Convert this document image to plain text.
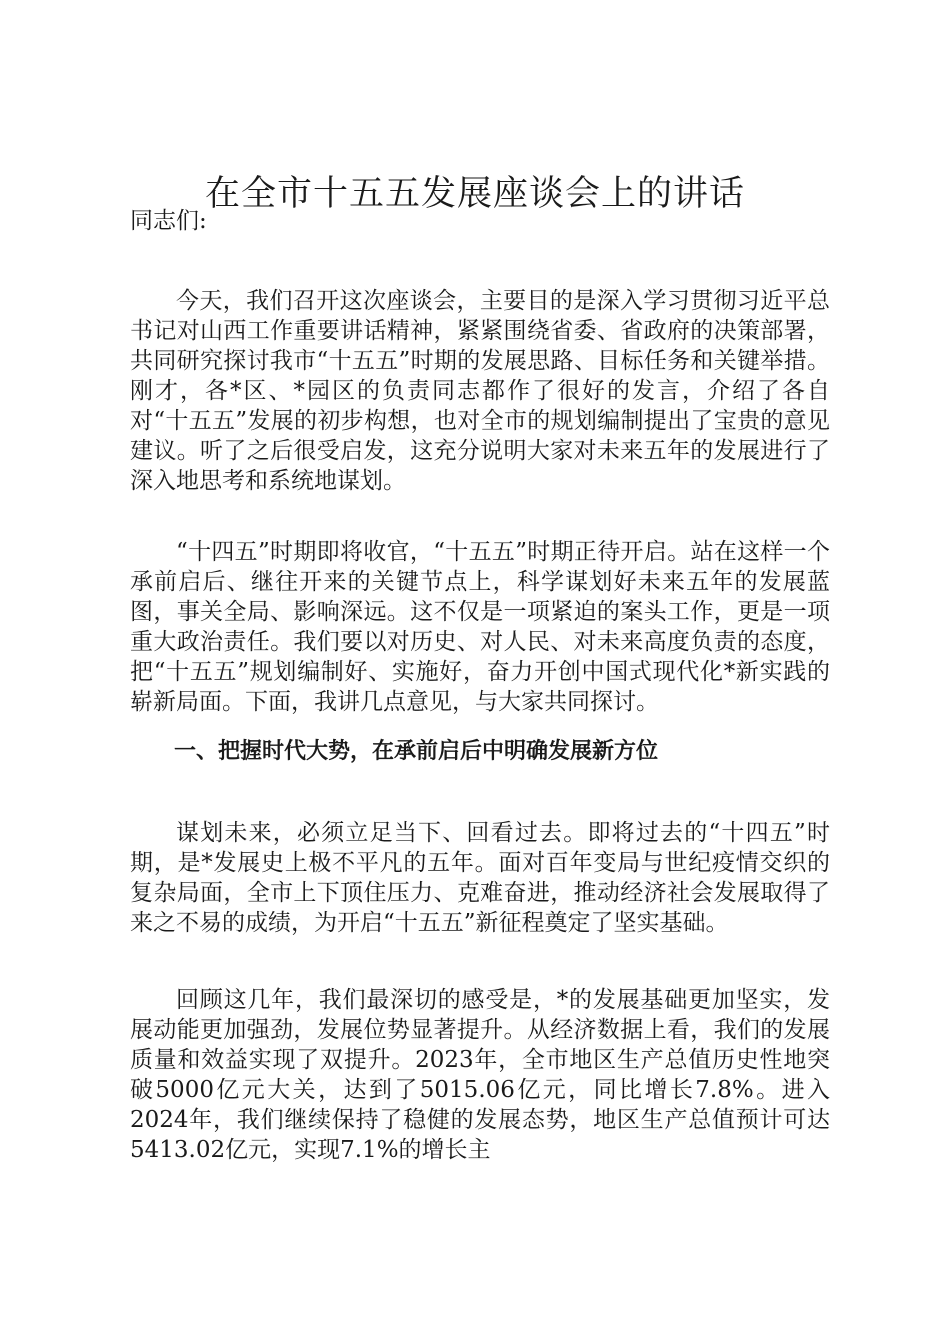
在全市十五五发展座谈会上的讲话

同志们:

今天，我们召开这次座谈会，主要目的是深入学习贯彻习近平总书记对山西工作重要讲话精神，紧紧围绕省委、省政府的决策部署，共同研究探讨我市“十五五”时期的发展思路、目标任务和关键举措。刚才，各*区、*园区的负责同志都作了很好的发言，介绍了各自对“十五五”发展的初步构想，也对全市的规划编制提出了宝贵的意见建议。听了之后很受启发，这充分说明大家对未来五年的发展进行了深入地思考和系统地谋划。

“十四五”时期即将收官，“十五五”时期正待开启。站在这样一个承前启后、继往开来的关键节点上，科学谋划好未来五年的发展蓝图，事关全局、影响深远。这不仅是一项紧迫的案头工作，更是一项重大政治责任。我们要以对历史、对人民、对未来高度负责的态度，把“十五五”规划编制好、实施好，奋力开创中国式现代化*新实践的崭新局面。下面，我讲几点意见，与大家共同探讨。

一、把握时代大势，在承前启后中明确发展新方位

谋划未来，必须立足当下、回看过去。即将过去的“十四五”时期，是*发展史上极不平凡的五年。面对百年变局与世纪疫情交织的复杂局面，全市上下顶住压力、克难奋进，推动经济社会发展取得了来之不易的成绩，为开启“十五五”新征程奠定了坚实基础。

回顾这几年，我们最深切的感受是，*的发展基础更加坚实，发展动能更加强劲，发展位势显著提升。从经济数据上看，我们的发展质量和效益实现了双提升。2023年，全市地区生产总值历史性地突破5000亿元大关，达到了5015.06亿元，同比增长7.8%。进入2024年，我们继续保持了稳健的发展态势，地区生产总值预计可达5413.02亿元，实现7.1%的增长主
